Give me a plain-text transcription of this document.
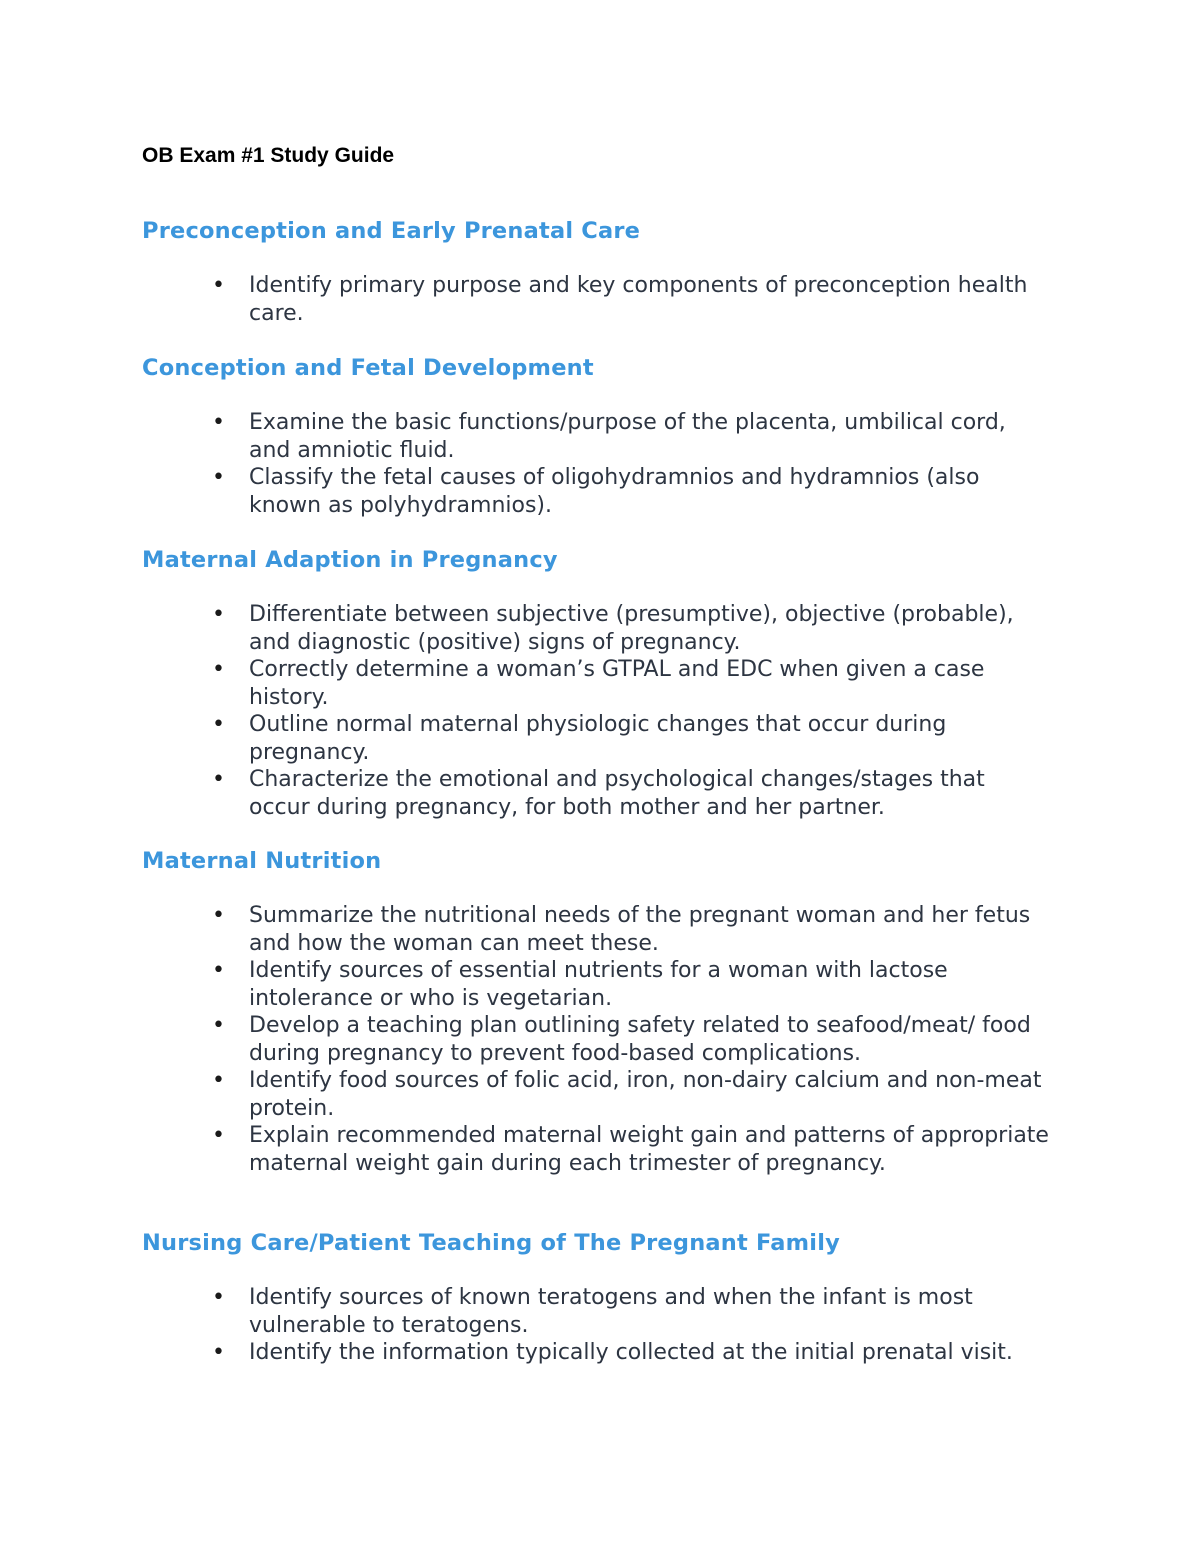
OB Exam #1 Study Guide
Preconception and Early Prenatal Care
• Identify primary purpose and key components of preconception health care.
Conception and Fetal Development
• Examine the basic functions/purpose of the placenta, umbilical cord, and amniotic fluid.
• Classify the fetal causes of oligohydramnios and hydramnios (also known as polyhydramnios).
Maternal Adaption in Pregnancy
• Differentiate between subjective (presumptive), objective (probable), and diagnostic (positive) signs of pregnancy.
• Correctly determine a woman’s GTPAL and EDC when given a case history.
• Outline normal maternal physiologic changes that occur during pregnancy.
• Characterize the emotional and psychological changes/stages that occur during pregnancy, for both mother and her partner.
Maternal Nutrition
• Summarize the nutritional needs of the pregnant woman and her fetus and how the woman can meet these.
• Identify sources of essential nutrients for a woman with lactose intolerance or who is vegetarian.
• Develop a teaching plan outlining safety related to seafood/meat/ food during pregnancy to prevent food-based complications.
• Identify food sources of folic acid, iron, non-dairy calcium and non-meat protein.
• Explain recommended maternal weight gain and patterns of appropriate maternal weight gain during each trimester of pregnancy.
Nursing Care/Patient Teaching of The Pregnant Family
• Identify sources of known teratogens and when the infant is most vulnerable to teratogens.
• Identify the information typically collected at the initial prenatal visit.
